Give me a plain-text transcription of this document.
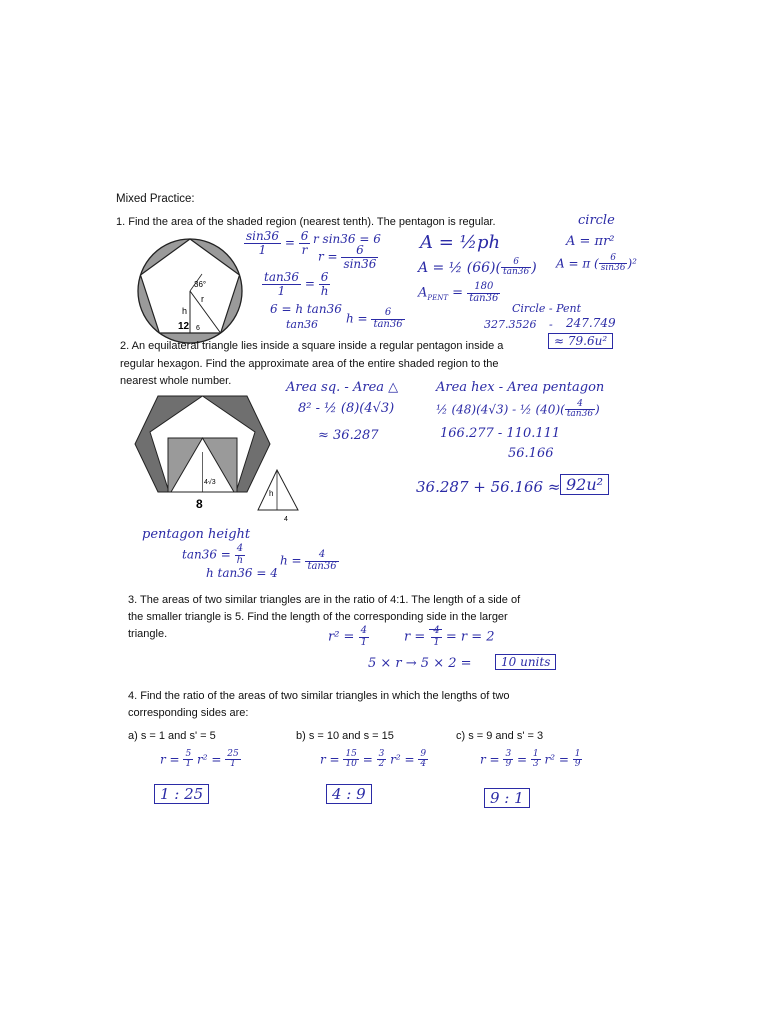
Mixed Practice:
1. Find the area of the shaded region (nearest tenth). The pentagon is regular.
36°
h
r
12 6
circle
$\frac{\sin 36}{1} = \frac{6}{r}$ r sin36 = 6
$r = \frac{6}{\sin 36}$
A = ½ph	A = πr²
A = ½ $(66)( \frac{6}{\tan 36}$ ) A = π ( $\frac{6}{\sin 36} )^2$
$\frac{\tan 36}{1} = \frac{6}{h}$	$A_{PENT} = \frac{180}{\tan 36}$
Circle - Pent
6 = h tan36
tan36 $h = \frac{6}{\tan 36}$	327.3526 - 247.749
≈ 79.6u²
2. An equilateral triangle lies inside a square inside a regular pentagon inside a
regular hexagon. Find the approximate area of the entire shaded region to the
nearest whole number.
4√3
8
h
4
Area sq. - Area △
8² - ½ (8)(4√3)
≈ 36.287
Area hex - Area pentagon
½ (48)(4√3) - ½ $(40)( \frac{4}{\tan 36}$ )
166.277 - 110.111
56.166
36.287 + 56.166 ≈ 92u²
pentagon height
$\tan 36 = \frac{4}{h}$
h tan36 = 4
$h = \frac{4}{\tan 36}$
3. The areas of two similar triangles are in the ratio of 4:1. The length of a side of
the smaller triangle is 5. Find the length of the corresponding side in the larger
triangle.	$r^2 = \frac{4}{1}$	$r = \frac{4}{1} = r = 2$
5 × r → 5 × 2 =	10 units
4. Find the ratio of the areas of two similar triangles in which the lengths of two
corresponding sides are:
a) s = 1 and s' = 5	b) s = 10 and s = 15	c) s = 9 and s' = 3
$r = \frac{5}{1} r^2 = \frac{25}{1}$
1 : 25
$r = \frac{15}{10} = \frac{3}{2} r^2 = \frac{9}{4}$
4 : 9
$r = \frac{3}{9} = \frac{1}{3} r^2 = \frac{1}{9}$
9 : 1
